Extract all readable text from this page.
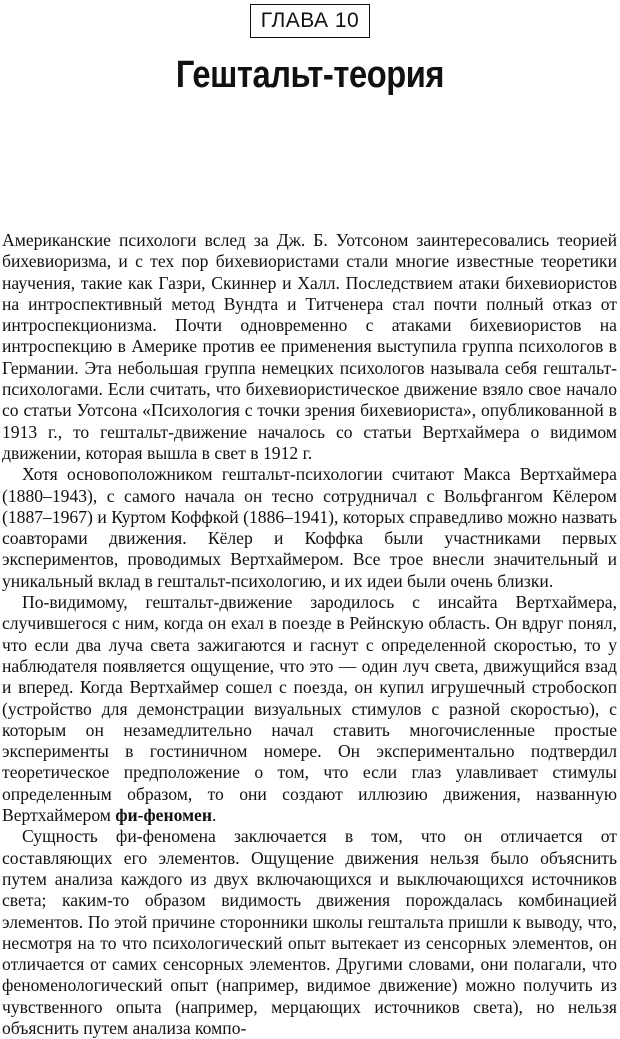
ГЛАВА 10
Гештальт-теория

Американские психологи вслед за Дж. Б. Уотсоном заинтересовались теорией бихевиоризма, и с тех пор бихевиористами стали многие известные теоретики научения, такие как Газри, Скиннер и Халл. Последствием атаки бихевиористов на интроспективный метод Вундта и Титченера стал почти полный отказ от интроспекционизма. Почти одновременно с атаками бихевиористов на интроспекцию в Америке против ее применения выступила группа психологов в Германии. Эта небольшая группа немецких психологов называла себя гештальт-психологами. Если считать, что бихевиористическое движение взяло свое начало со статьи Уотсона «Психология с точки зрения бихевиориста», опубликованной в 1913 г., то гештальт-движение началось со статьи Вертхаймера о видимом движении, которая вышла в свет в 1912 г.

Хотя основоположником гештальт-психологии считают Макса Вертхаймера (1880–1943), с самого начала он тесно сотрудничал с Вольфгангом Кёлером (1887–1967) и Куртом Коффкой (1886–1941), которых справедливо можно назвать соавторами движения. Кёлер и Коффка были участниками первых экспериментов, проводимых Вертхаймером. Все трое внесли значительный и уникальный вклад в гештальт-психологию, и их идеи были очень близки.

По-видимому, гештальт-движение зародилось с инсайта Вертхаймера, случившегося с ним, когда он ехал в поезде в Рейнскую область. Он вдруг понял, что если два луча света зажигаются и гаснут с определенной скоростью, то у наблюдателя появляется ощущение, что это — один луч света, движущийся взад и вперед. Когда Вертхаймер сошел с поезда, он купил игрушечный стробоскоп (устройство для демонстрации визуальных стимулов с разной скоростью), с которым он незамедлительно начал ставить многочисленные простые эксперименты в гостиничном номере. Он экспериментально подтвердил теоретическое предположение о том, что если глаз улавливает стимулы определенным образом, то они создают иллюзию движения, названную Вертхаймером фи-феномен.

Сущность фи-феномена заключается в том, что он отличается от составляющих его элементов. Ощущение движения нельзя было объяснить путем анализа каждого из двух включающихся и выключающихся источников света; каким-то образом видимость движения порождалась комбинацией элементов. По этой причине сторонники школы гештальта пришли к выводу, что, несмотря на то что психологический опыт вытекает из сенсорных элементов, он отличается от самих сенсорных элементов. Другими словами, они полагали, что феноменологический опыт (например, видимое движение) можно получить из чувственного опыта (например, мерцающих источников света), но нельзя объяснить путем анализа компо-
